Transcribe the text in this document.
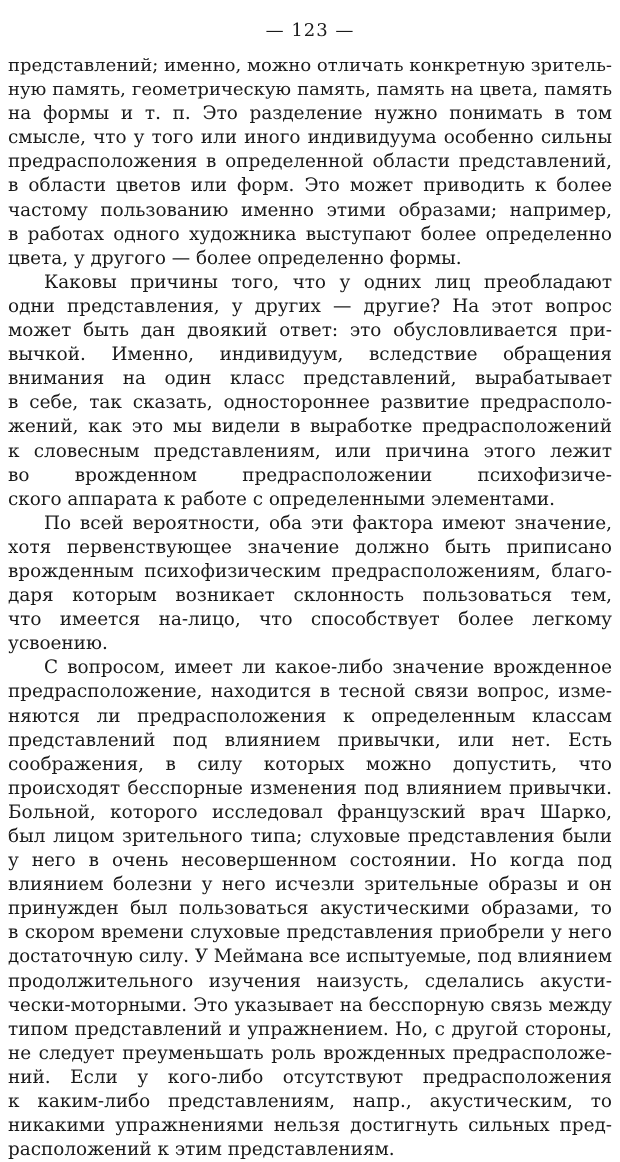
— 123 —

представлений; именно, можно отличать конкретную зритель-
ную память, геометрическую память, память на цвета, память
на формы и т. п. Это разделение нужно понимать в том
смысле, что у того или иного индивидуума особенно сильны
предрасположения в определенной области представлений,
в области цветов или форм. Это может приводить к более
частому пользованию именно этими образами; например,
в работах одного художника выступают более определенно
цвета, у другого — более определенно формы.

Каковы причины того, что у одних лиц преобладают
одни представления, у других — другие? На этот вопрос
может быть дан двоякий ответ: это обусловливается при-
вычкой. Именно, индивидуум, вследствие обращения
внимания на один класс представлений, вырабатывает
в себе, так сказать, одностороннее развитие предрасполо-
жений, как это мы видели в выработке предрасположений
к словесным представлениям, или причина этого лежит
во врожденном предрасположении психофизиче-
ского аппарата к работе с определенными элементами.

По всей вероятности, оба эти фактора имеют значение,
хотя первенствующее значение должно быть приписано
врожденным психофизическим предрасположениям, благо-
даря которым возникает склонность пользоваться тем,
что имеется на-лицо, что способствует более легкому
усвоению.

С вопросом, имеет ли какое-либо значение врожденное
предрасположение, находится в тесной связи вопрос, изме-
няются ли предрасположения к определенным классам
представлений под влиянием привычки, или нет. Есть
соображения, в силу которых можно допустить, что
происходят бесспорные изменения под влиянием привычки.
Больной, которого исследовал французский врач Шарко,
был лицом зрительного типа; слуховые представления были
у него в очень несовершенном состоянии. Но когда под
влиянием болезни у него исчезли зрительные образы и он
принужден был пользоваться акустическими образами, то
в скором времени слуховые представления приобрели у него
достаточную силу. У Меймана все испытуемые, под влиянием
продолжительного изучения наизусть, сделались акусти-
чески-моторными. Это указывает на бесспорную связь между
типом представлений и упражнением. Но, с другой стороны,
не следует преуменьшать роль врожденных предрасположе-
ний. Если у кого-либо отсутствуют предрасположения
к каким-либо представлениям, напр., акустическим, то
никакими упражнениями нельзя достигнуть сильных пред-
расположений к этим представлениям.
